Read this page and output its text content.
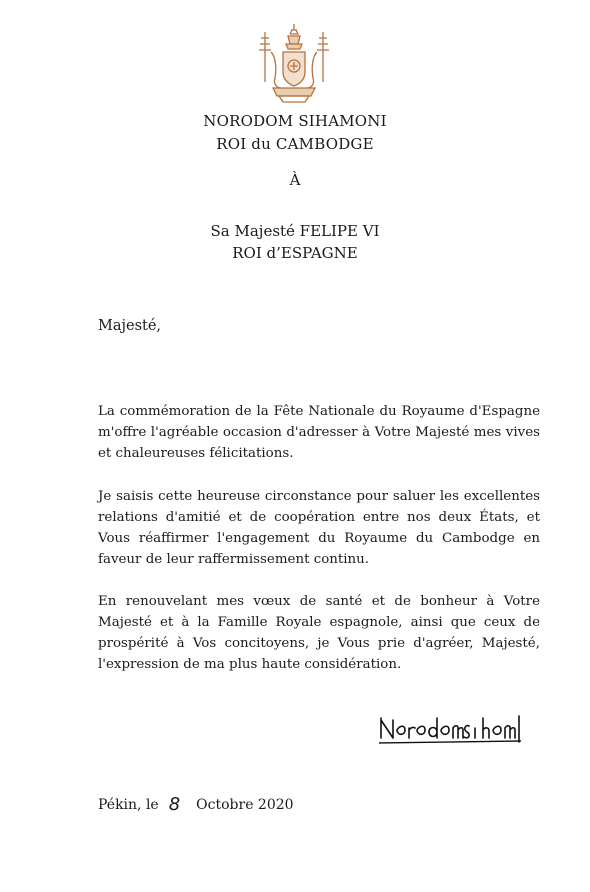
NORODOM SIHAMONI
ROI du CAMBODGE
À
Sa Majesté FELIPE VI
ROI d’ESPAGNE
Majesté,

La commémoration de la Fête Nationale du Royaume d'Espagne m'offre l'agréable occasion d'adresser à Votre Majesté mes vives et chaleureuses félicitations.

Je saisis cette heureuse circonstance pour saluer les excellentes relations d'amitié et de coopération entre nos deux États, et Vous réaffirmer l'engagement du Royaume du Cambodge en faveur de leur raffermissement continu.

En renouvelant mes vœux de santé et de bonheur à Votre Majesté et à la Famille Royale espagnole, ainsi que ceux de prospérité à Vos concitoyens, je Vous prie d'agréer, Majesté, l'expression de ma plus haute considération.

Pékin, le 8 Octobre 2020
